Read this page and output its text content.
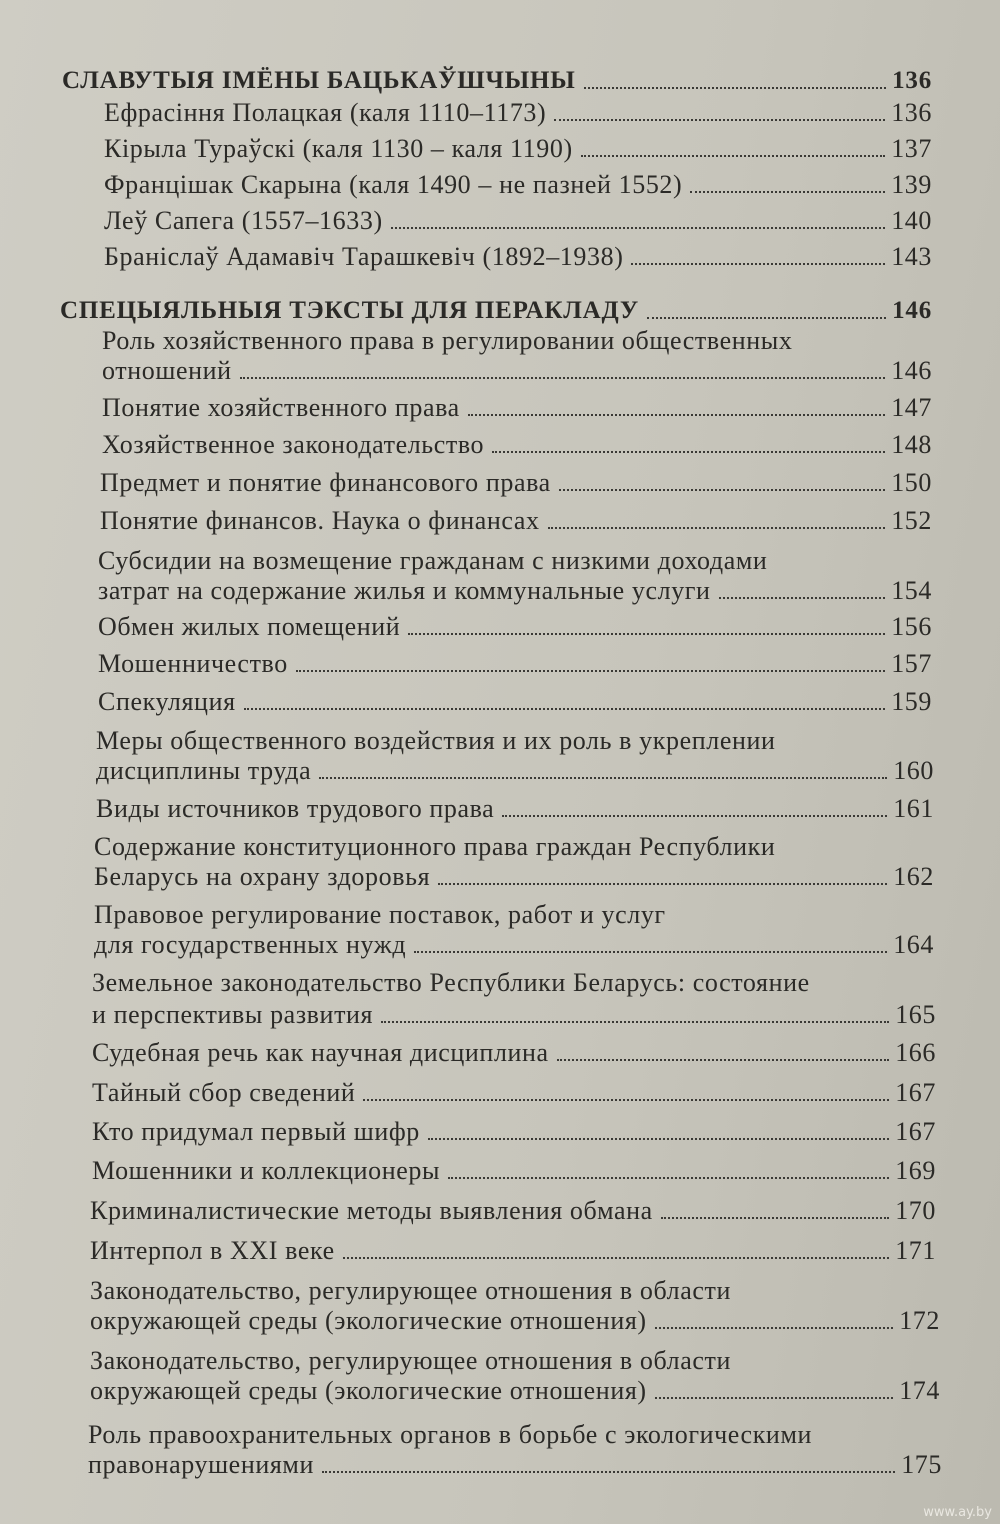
СЛАВУТЫЯ ІМЁНЫ БАЦЬКАЎШЧЫНЫ	136
Ефрасіння Полацкая (каля 1110–1173)	136
Кірыла Тураўскі (каля 1130 – каля 1190)	137
Францішак Скарына (каля 1490 – не пазней 1552)	139
Леў Сапега (1557–1633)	140
Браніслаў Адамавіч Тарашкевіч (1892–1938)	143
СПЕЦЫЯЛЬНЫЯ ТЭКСТЫ ДЛЯ ПЕРАКЛАДУ	146
Роль хозяйственного права в регулировании общественных
отношений	146
Понятие хозяйственного права	147
Хозяйственное законодательство	148
Предмет и понятие финансового права	150
Понятие финансов. Наука о финансах	152
Субсидии на возмещение гражданам с низкими доходами
затрат на содержание жилья и коммунальные услуги	154
Обмен жилых помещений	156
Мошенничество	157
Спекуляция	159
Меры общественного воздействия и их роль в укреплении
дисциплины труда	160
Виды источников трудового права	161
Содержание конституционного права граждан Республики
Беларусь на охрану здоровья	162
Правовое регулирование поставок, работ и услуг
для государственных нужд	164
Земельное законодательство Республики Беларусь: состояние
и перспективы развития	165
Судебная речь как научная дисциплина	166
Тайный сбор сведений	167
Кто придумал первый шифр	167
Мошенники и коллекционеры	169
Криминалистические методы выявления обмана	170
Интерпол в XXI веке	171
Законодательство, регулирующее отношения в области
окружающей среды (экологические отношения)	172
Законодательство, регулирующее отношения в области
окружающей среды (экологические отношения)	174
Роль правоохранительных органов в борьбе с экологическими
правонарушениями	175
www.ay.by
